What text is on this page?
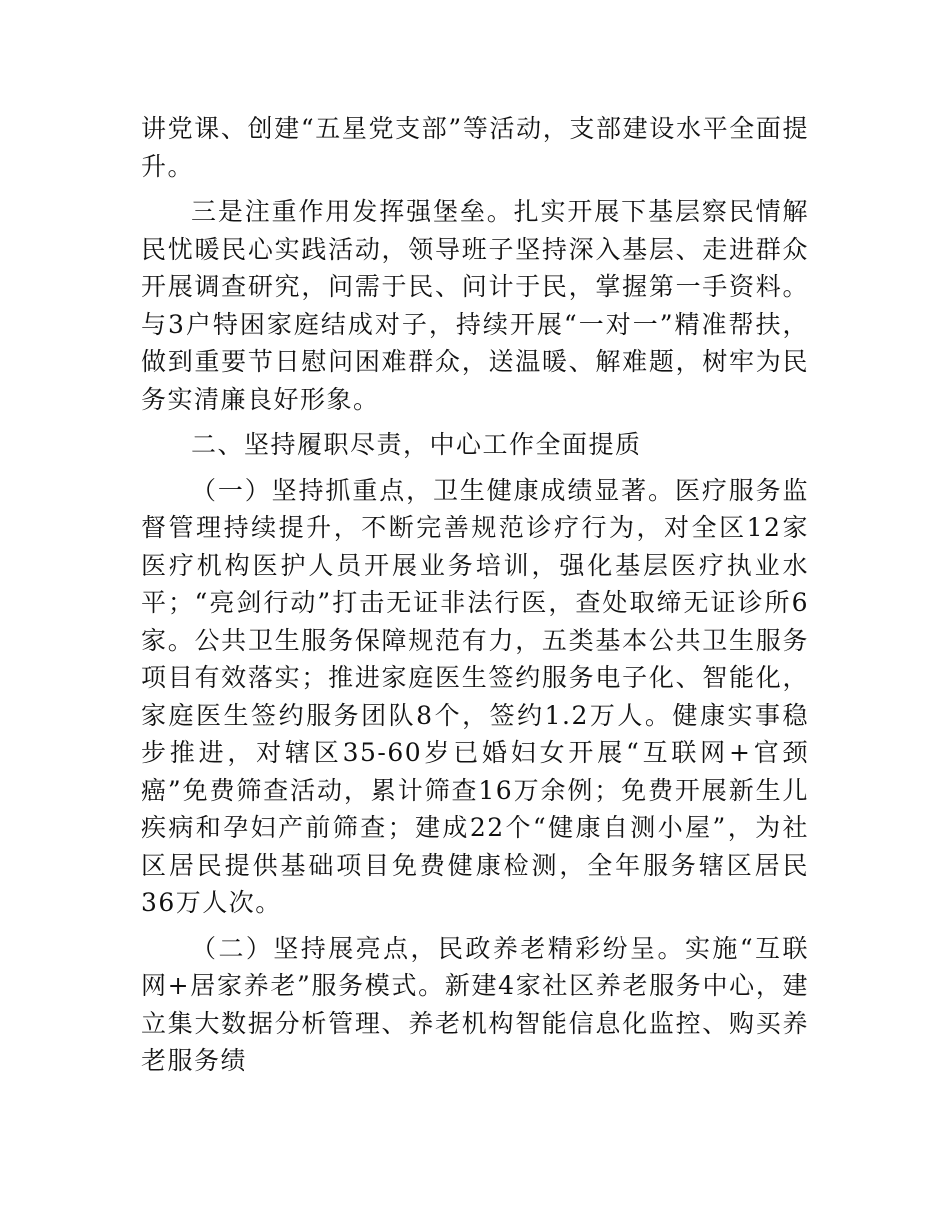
讲党课、创建“五星党支部”等活动，支部建设水平全面提升。

三是注重作用发挥强堡垒。扎实开展下基层察民情解民忧暖民心实践活动，领导班子坚持深入基层、走进群众开展调查研究，问需于民、问计于民，掌握第一手资料。与3户特困家庭结成对子，持续开展“一对一”精准帮扶，做到重要节日慰问困难群众，送温暖、解难题，树牢为民务实清廉良好形象。

二、坚持履职尽责，中心工作全面提质

（一）坚持抓重点，卫生健康成绩显著。医疗服务监督管理持续提升，不断完善规范诊疗行为，对全区12家医疗机构医护人员开展业务培训，强化基层医疗执业水平；“亮剑行动”打击无证非法行医，查处取缔无证诊所6家。公共卫生服务保障规范有力，五类基本公共卫生服务项目有效落实；推进家庭医生签约服务电子化、智能化，家庭医生签约服务团队8个，签约1.2万人。健康实事稳步推进，对辖区35-60岁已婚妇女开展“互联网+官颈癌”免费筛查活动，累计筛查16万余例；免费开展新生儿疾病和孕妇产前筛查；建成22个“健康自测小屋”，为社区居民提供基础项目免费健康检测，全年服务辖区居民36万人次。

（二）坚持展亮点，民政养老精彩纷呈。实施“互联网+居家养老”服务模式。新建4家社区养老服务中心，建立集大数据分析管理、养老机构智能信息化监控、购买养老服务绩
